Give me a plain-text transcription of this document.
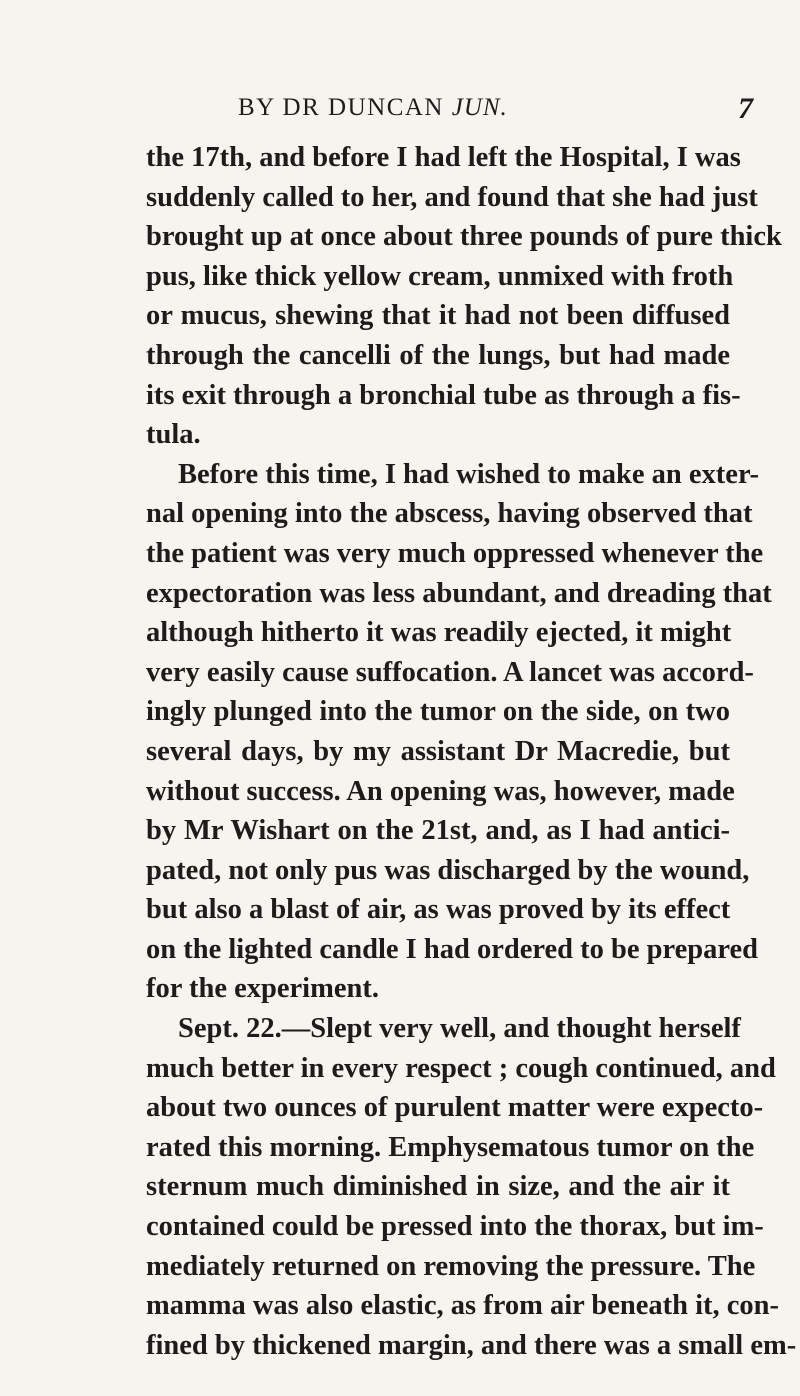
BY DR DUNCAN JUN.	7
the 17th, and before I had left the Hospital, I was
suddenly called to her, and found that she had just
brought up at once about three pounds of pure thick
pus, like thick yellow cream, unmixed with froth
or mucus, shewing that it had not been diffused
through the cancelli of the lungs, but had made
its exit through a bronchial tube as through a fis-
tula.
Before this time, I had wished to make an exter-
nal opening into the abscess, having observed that
the patient was very much oppressed whenever the
expectoration was less abundant, and dreading that
although hitherto it was readily ejected, it might
very easily cause suffocation. A lancet was accord-
ingly plunged into the tumor on the side, on two
several days, by my assistant Dr Macredie, but
without success. An opening was, however, made
by Mr Wishart on the 21st, and, as I had antici-
pated, not only pus was discharged by the wound,
but also a blast of air, as was proved by its effect
on the lighted candle I had ordered to be prepared
for the experiment.
Sept. 22.—Slept very well, and thought herself
much better in every respect ; cough continued, and
about two ounces of purulent matter were expecto-
rated this morning. Emphysematous tumor on the
sternum much diminished in size, and the air it
contained could be pressed into the thorax, but im-
mediately returned on removing the pressure. The
mamma was also elastic, as from air beneath it, con-
fined by thickened margin, and there was a small em-
